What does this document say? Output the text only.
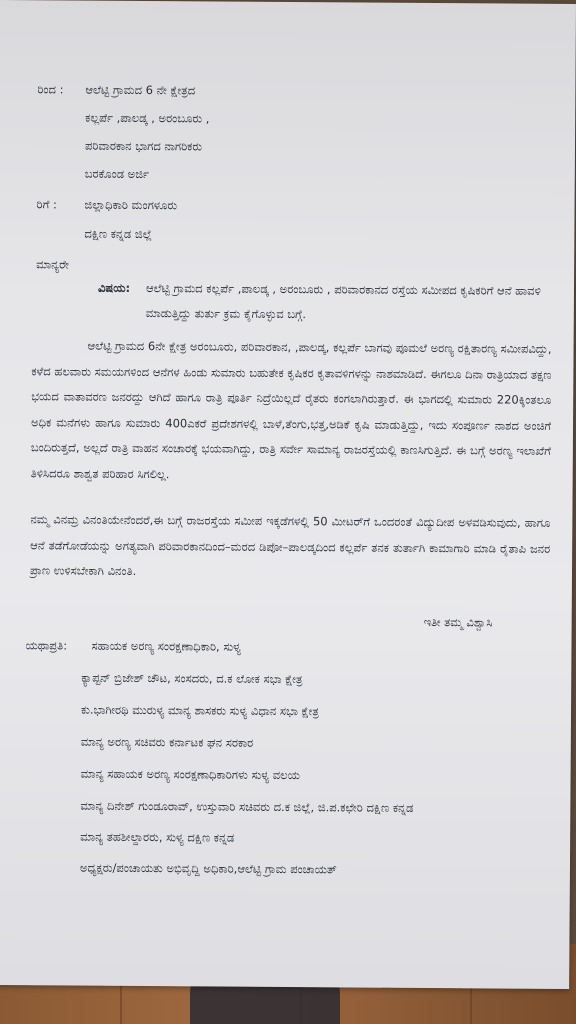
ರಿಂದ : ಆಲೆಟ್ಟಿ ಗ್ರಾಮದ 6 ನೇ ಕ್ಷೇತ್ರದ
ಕಲ್ಲರ್ಪೆ ,ಪಾಲಡ್ಕ , ಅರಂಬೂರು ,
ಪರಿವಾರಕಾನ ಭಾಗದ ನಾಗರಿಕರು
ಬರಕೊಂಡ ಅರ್ಜಿ
ರಿಗೆ : ಜಿಲ್ಲಾಧಿಕಾರಿ ಮಂಗಳೂರು
ದಕ್ಷಿಣ ಕನ್ನಡ ಜಿಲ್ಲೆ
ಮಾನ್ಯರೇ
ವಿಷಯ: ಆಲೆಟ್ಟಿ ಗ್ರಾಮದ ಕಲ್ಲರ್ಪೆ ,ಪಾಲಡ್ಕ , ಅರಂಬೂರು , ಪರಿವಾರಕಾನದ ರಸ್ತೆಯ ಸಮೀಪದ ಕೃಷಿಕರಿಗೆ ಆನೆ ಹಾವಳಿ ಮಾಡುತ್ತಿದ್ದು ತುರ್ತು ಕ್ರಮ ಕೈಗೊಳ್ಳುವ ಬಗ್ಗೆ.
ಆಲೆಟ್ಟಿ ಗ್ರಾಮದ 6ನೇ ಕ್ಷೇತ್ರ ಅರಂಬೂರು, ಪರಿವಾರಕಾನ, ,ಪಾಲಡ್ಕ, ಕಲ್ಲರ್ಪೆ ಬಾಗವು ಪೂಮಲೆ ಅರಣ್ಯ ರಕ್ಷಿತಾರಣ್ಯ ಸಮೀಪವಿದ್ದು, ಕಳೆದ ಹಲವಾರು ಸಮಯಗಳಿಂದ ಆನೆಗಳ ಹಿಂಡು ಸುಮಾರು ಬಹುತೇಕ ಕೃಷಿಕರ ಕೃತಾವಳಿಗಳನ್ನು ನಾಶಮಾಡಿದೆ. ಈಗಲೂ ದಿನಾ ರಾತ್ರಿಯಾದ ತಕ್ಷಣ ಭಯದ ವಾತಾವರಣ ಜನರದ್ದು ಆಗಿದೆ ಹಾಗೂ ರಾತ್ರಿ ಪೂರ್ತಿ ನಿದ್ರೆಯಿಲ್ಲದೆ ರೈತರು ಕಂಗಲಾಗಿರುತ್ತಾರೆ. ಈ ಭಾಗದಲ್ಲಿ ಸುಮಾರು 220ಕ್ಕಿಂತಲೂ ಅಧಿಕ ಮನೆಗಳು ಹಾಗೂ ಸುಮಾರು 400ಎಕರೆ ಪ್ರದೇಶಗಳಲ್ಲಿ ಬಾಳೆ,ತೆಂಗು,ಭತ್ತ,ಅಡಿಕೆ ಕೃಷಿ ಮಾಡುತ್ತಿದ್ದು, ಇದು ಸಂಪೂರ್ಣ ನಾಶದ ಅಂಚಿಗೆ ಬಂದಿರುತ್ತದೆ, ಅಲ್ಲದೆ ರಾತ್ರಿ ವಾಹನ ಸಂಚಾರಕ್ಕೆ ಭಯವಾಗಿದ್ದು, ರಾತ್ರಿ ಸರ್ವೇ ಸಾಮಾನ್ಯ ರಾಜರಸ್ತೆಯಲ್ಲಿ ಕಾಣಸಿಗುತ್ತಿದೆ. ಈ ಬಗ್ಗೆ ಅರಣ್ಯ ಇಲಾಖೆಗೆ ತಿಳಿಸಿದರೂ ಶಾಶ್ವತ ಪರಿಹಾರ ಸಿಗಲಿಲ್ಲ.
ನಮ್ಮ ವಿನಮ್ರ ವಿನಂತಿಯೇನೆಂದರೆ,ಈ ಬಗ್ಗೆ ರಾಜರಸ್ತೆಯ ಸಮೀಪ ಇಕ್ಕಡೆಗಳಲ್ಲಿ 50 ಮೀಟರ್‌ಗೆ ಒಂದರಂತೆ ವಿದ್ಯುದೀಪ ಅಳವಡಿಸುವುದು, ಹಾಗೂ ಆನೆ ತಡೆಗೋಡೆಯನ್ನು ಅಗತ್ಯವಾಗಿ ಪರಿವಾರಕಾನದಿಂದ–ಮರದ ಡಿಪೋ–ಪಾಲಡ್ಕದಿಂದ ಕಲ್ಲರ್ಪೆ ತನಕ ತುರ್ತಾಗಿ ಕಾಮಾಗಾರಿ ಮಾಡಿ ರೈತಾಪಿ ಜನರ ಪ್ರಾಣ ಉಳಿಸಬೇಕಾಗಿ ವಿನಂತಿ.
ಇತೀ ತಮ್ಮ ವಿಶ್ವಾಸಿ
ಯಥಾಪ್ರತಿ: ಸಹಾಯಕ ಅರಣ್ಯ ಸಂರಕ್ಷಣಾಧಿಕಾರಿ, ಸುಳ್ಯ
ಕ್ಯಾಪ್ಟನ್ ಬ್ರಿಜೇಶ್ ಚೌಟ, ಸಂಸದರು, ದ.ಕ ಲೋಕ ಸಭಾ ಕ್ಷೇತ್ರ
ಕು.ಭಾಗೀರಥಿ ಮುರುಳ್ಯ ಮಾನ್ಯ ಶಾಸಕರು ಸುಳ್ಯ ವಿಧಾನ ಸಭಾ ಕ್ಷೇತ್ರ
ಮಾನ್ಯ ಅರಣ್ಯ ಸಚಿವರು ಕರ್ನಾಟಕ ಘನ ಸರಕಾರ
ಮಾನ್ಯ ಸಹಾಯಕ ಅರಣ್ಯ ಸಂರಕ್ಷಣಾಧಿಕಾರಿಗಳು ಸುಳ್ಯ ವಲಯ
ಮಾನ್ಯ ದಿನೇಶ್ ಗುಂಡೂರಾವ್, ಉಸ್ತುವಾರಿ ಸಚಿವರು ದ.ಕ ಜಿಲ್ಲೆ, ಜಿ.ಪ.ಕಛೇರಿ ದಕ್ಷಿಣ ಕನ್ನಡ
ಮಾನ್ಯ ತಹಶೀಲ್ದಾರರು, ಸುಳ್ಯ ದಕ್ಷಿಣ ಕನ್ನಡ
ಅಧ್ಯಕ್ಷರು/ಪಂಚಾಯತು ಅಭಿವೃದ್ದಿ ಅಧಿಕಾರಿ,ಆಲೆಟ್ಟಿ ಗ್ರಾಮ ಪಂಚಾಯತ್
